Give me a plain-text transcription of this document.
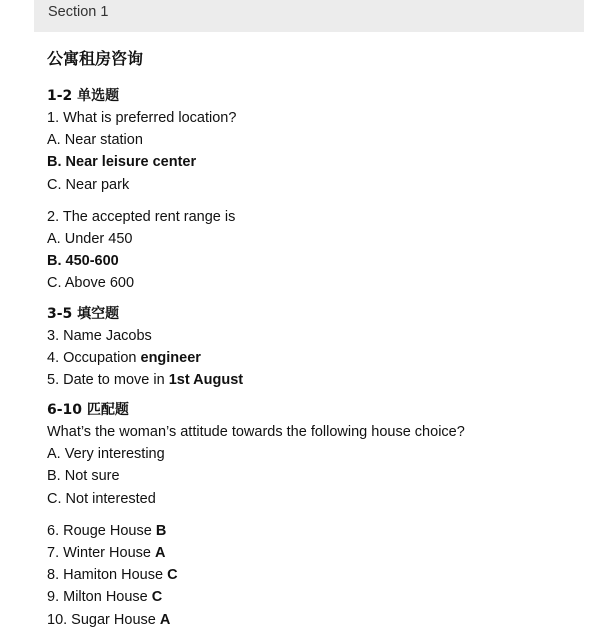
Section 1
公寓租房咨询
1-2 单选题
1. What is preferred location?
A. Near station
B. Near leisure center
C. Near park
2. The accepted rent range is
A. Under 450
B. 450-600
C. Above 600
3-5 填空题
3. Name Jacobs
4. Occupation engineer
5. Date to move in 1st August
6-10 匹配题
What’s the woman’s attitude towards the following house choice?
A. Very interesting
B. Not sure
C. Not interested
6. Rouge House B
7. Winter House A
8. Hamiton House C
9. Milton House C
10. Sugar House A
